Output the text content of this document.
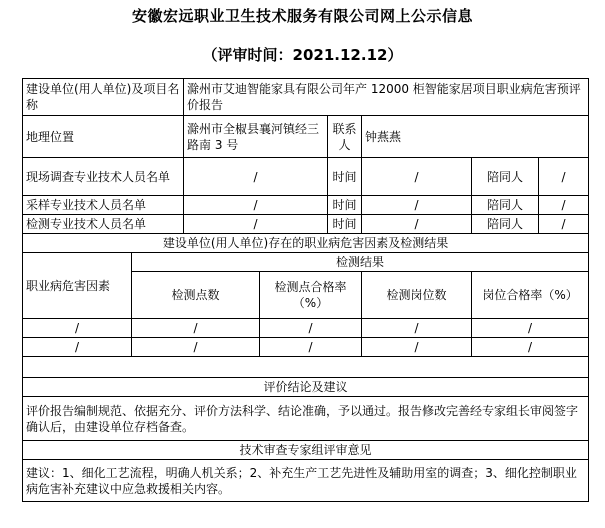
安徽宏远职业卫生技术服务有限公司网上公示信息
（评审时间：2021.12.12）
建设单位(用人单位)及项目名称		滁州市艾迪智能家具有限公司年产 12000 柜智能家居项目职业病危害预评价报告					
地理位置		滁州市全椒县襄河镇经三路南 3 号		联系人	钟燕燕		
现场调查专业技术人员名单		/		时间	/	陪同人	/
采样专业技术人员名单		/		时间	/	陪同人	/
检测专业技术人员名单		/		时间	/	陪同人	/
建设单位(用人单位)存在的职业病危害因素及检测结果							
职业病危害因素	检测结果						
	检测点数		检测点合格率（%）		检测岗位数	岗位合格率（%）	
/	/		/		/	/	
/	/		/		/	/	

评价结论及建议							
评价报告编制规范、依据充分、评价方法科学、结论准确，予以通过。报告修改完善经专家组长审阅签字确认后，由建设单位存档备查。							
技术审查专家组评审意见							
建议：1、细化工艺流程，明确人机关系；2、补充生产工艺先进性及辅助用室的调查；3、细化控制职业病危害补充建议中应急救援相关内容。							
